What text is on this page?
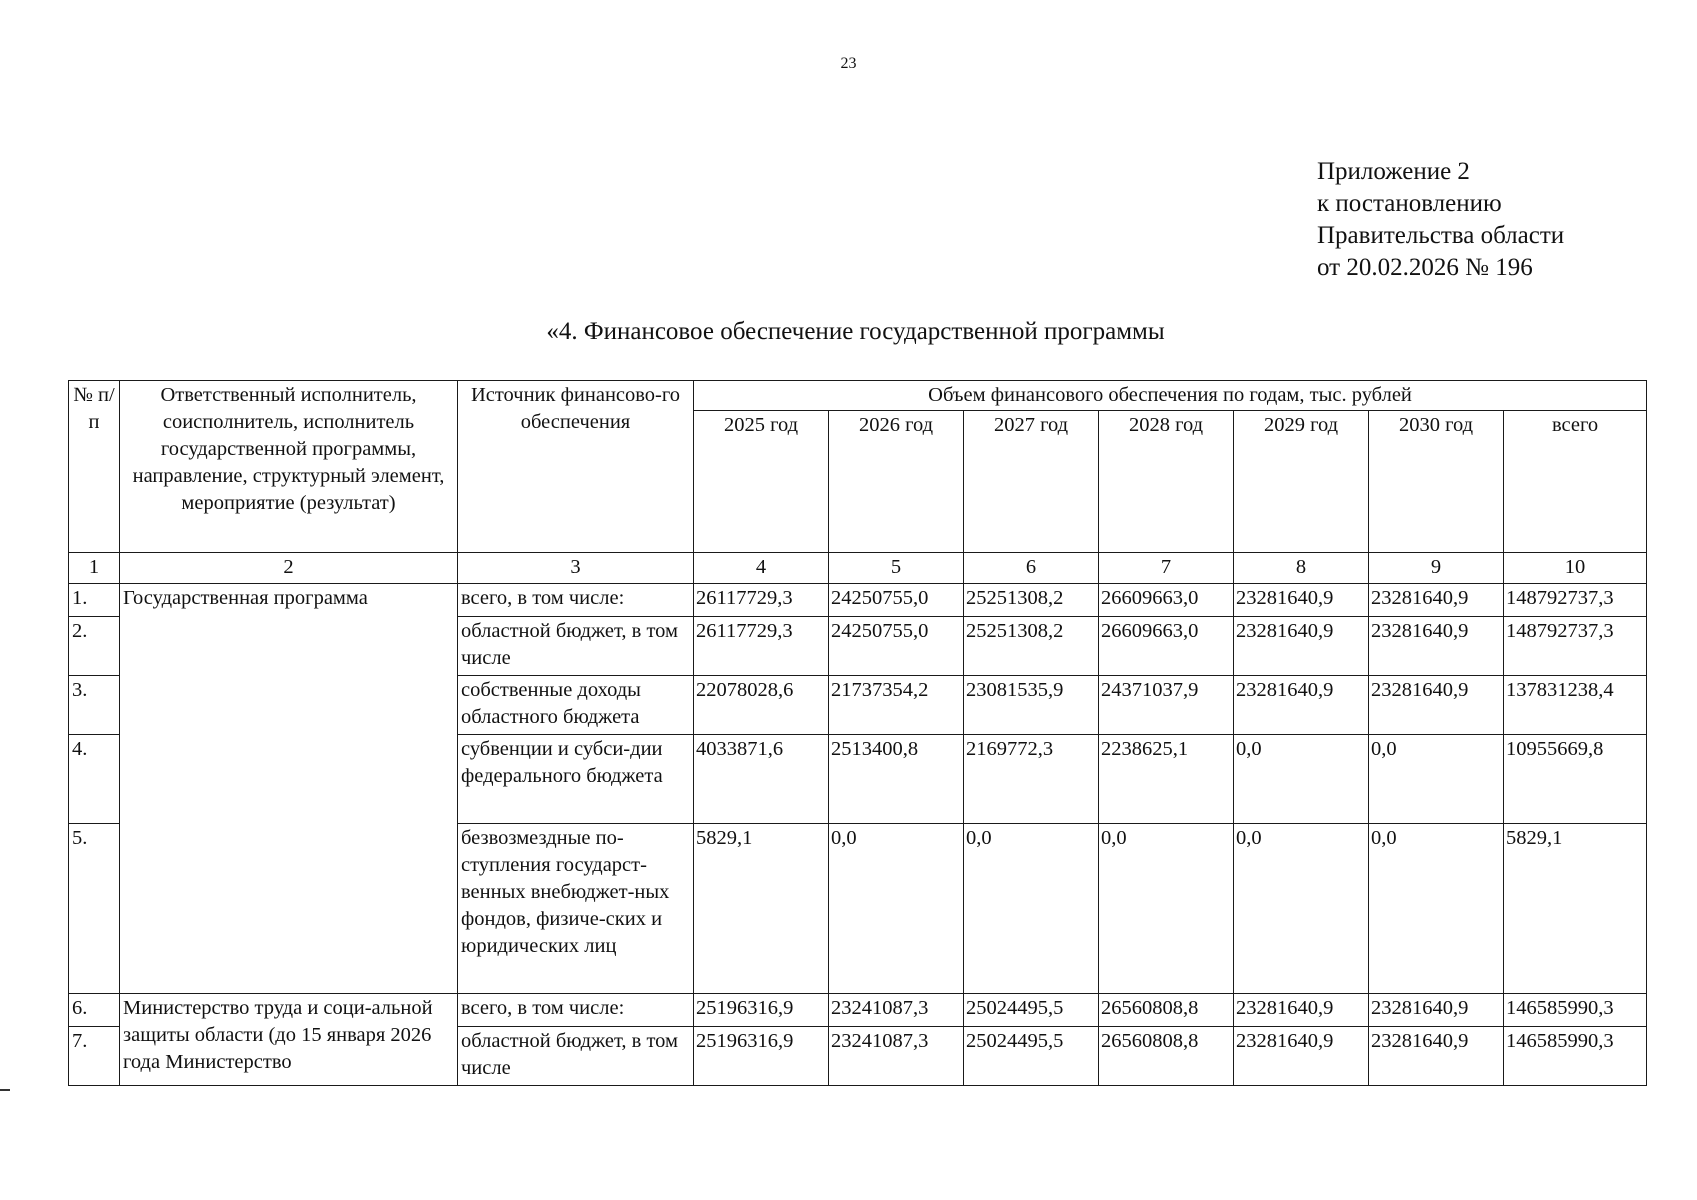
23
Приложение 2
к постановлению
Правительства области
от 20.02.2026 № 196
«4. Финансовое обеспечение государственной программы
№ п/п	Ответственный исполнитель, соисполнитель, исполнитель государственной программы, направление, структурный элемент, мероприятие (результат)	Источник финансово-го обеспечения	Объем финансового обеспечения по годам, тыс. рублей						
			2025 год	2026 год	2027 год	2028 год	2029 год	2030 год	всего
1	2	3	4	5	6	7	8	9	10
1.	Государственная программа	всего, в том числе:	26117729,3	24250755,0	25251308,2	26609663,0	23281640,9	23281640,9	148792737,3
2.		областной бюджет, в том числе	26117729,3	24250755,0	25251308,2	26609663,0	23281640,9	23281640,9	148792737,3
3.		собственные доходы областного бюджета	22078028,6	21737354,2	23081535,9	24371037,9	23281640,9	23281640,9	137831238,4
4.		субвенции и субси-дии федерального бюджета	4033871,6	2513400,8	2169772,3	2238625,1	0,0	0,0	10955669,8
5.		безвозмездные по-ступления государст-венных внебюджет-ных фондов, физиче-ских и юридических лиц	5829,1	0,0	0,0	0,0	0,0	0,0	5829,1
6.	Министерство труда и соци-альной защиты области (до 15 января 2026 года Министерство	всего, в том числе:	25196316,9	23241087,3	25024495,5	26560808,8	23281640,9	23281640,9	146585990,3
7.		областной бюджет, в том числе	25196316,9	23241087,3	25024495,5	26560808,8	23281640,9	23281640,9	146585990,3
